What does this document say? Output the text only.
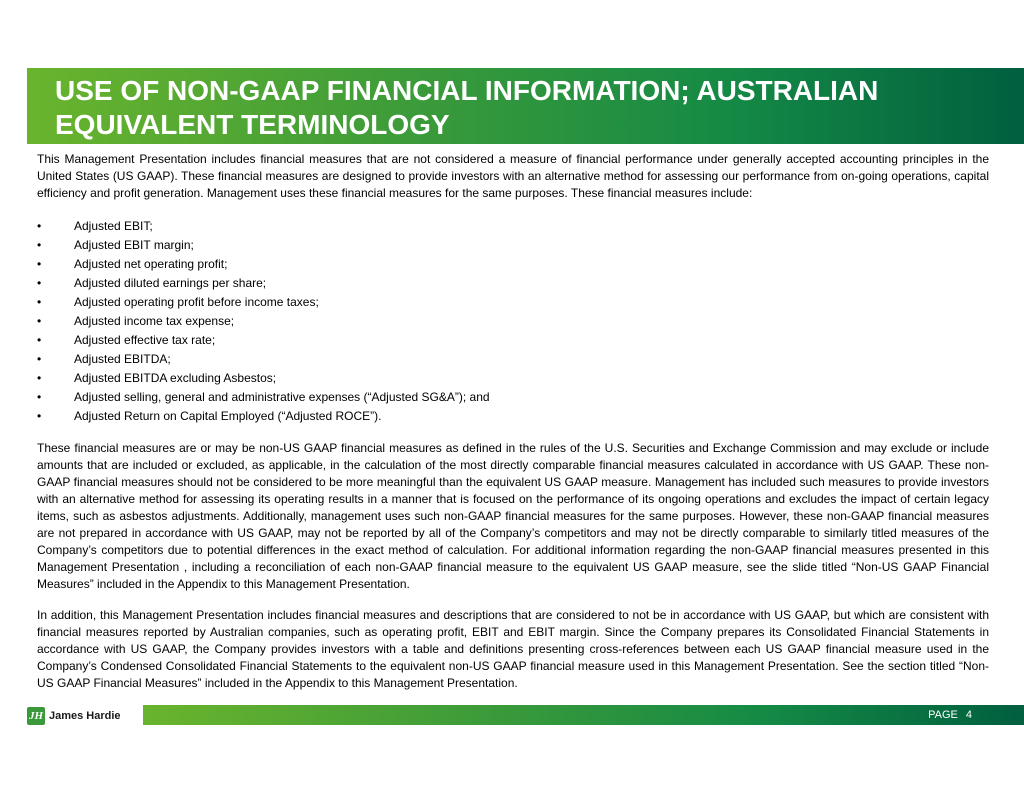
USE OF NON-GAAP FINANCIAL INFORMATION; AUSTRALIAN
EQUIVALENT TERMINOLOGY

This Management Presentation includes financial measures that are not considered a measure of financial performance under generally accepted accounting principles in the United States (US GAAP). These financial measures are designed to provide investors with an alternative method for assessing our performance from on-going operations, capital efficiency and profit generation. Management uses these financial measures for the same purposes. These financial measures include:

•	Adjusted EBIT;
•	Adjusted EBIT margin;
•	Adjusted net operating profit;
•	Adjusted diluted earnings per share;
•	Adjusted operating profit before income taxes;
•	Adjusted income tax expense;
•	Adjusted effective tax rate;
•	Adjusted EBITDA;
•	Adjusted EBITDA excluding Asbestos;
•	Adjusted selling, general and administrative expenses (“Adjusted SG&A”); and
•	Adjusted Return on Capital Employed (“Adjusted ROCE”).

These financial measures are or may be non-US GAAP financial measures as defined in the rules of the U.S. Securities and Exchange Commission and may exclude or include amounts that are included or excluded, as applicable, in the calculation of the most directly comparable financial measures calculated in accordance with US GAAP. These non-GAAP financial measures should not be considered to be more meaningful than the equivalent US GAAP measure. Management has included such measures to provide investors with an alternative method for assessing its operating results in a manner that is focused on the performance of its ongoing operations and excludes the impact of certain legacy items, such as asbestos adjustments. Additionally, management uses such non-GAAP financial measures for the same purposes. However, these non-GAAP financial measures are not prepared in accordance with US GAAP, may not be reported by all of the Company’s competitors and may not be directly comparable to similarly titled measures of the Company’s competitors due to potential differences in the exact method of calculation. For additional information regarding the non-GAAP financial measures presented in this Management Presentation , including a reconciliation of each non-GAAP financial measure to the equivalent US GAAP measure, see the slide titled “Non-US GAAP Financial Measures” included in the Appendix to this Management Presentation.

In addition, this Management Presentation includes financial measures and descriptions that are considered to not be in accordance with US GAAP, but which are consistent with financial measures reported by Australian companies, such as operating profit, EBIT and EBIT margin. Since the Company prepares its Consolidated Financial Statements in accordance with US GAAP, the Company provides investors with a table and definitions presenting cross-references between each US GAAP financial measure used in the Company’s Condensed Consolidated Financial Statements to the equivalent non-US GAAP financial measure used in this Management Presentation. See the section titled “Non-US GAAP Financial Measures” included in the Appendix to this Management Presentation.

JH James Hardie	PAGE 4
